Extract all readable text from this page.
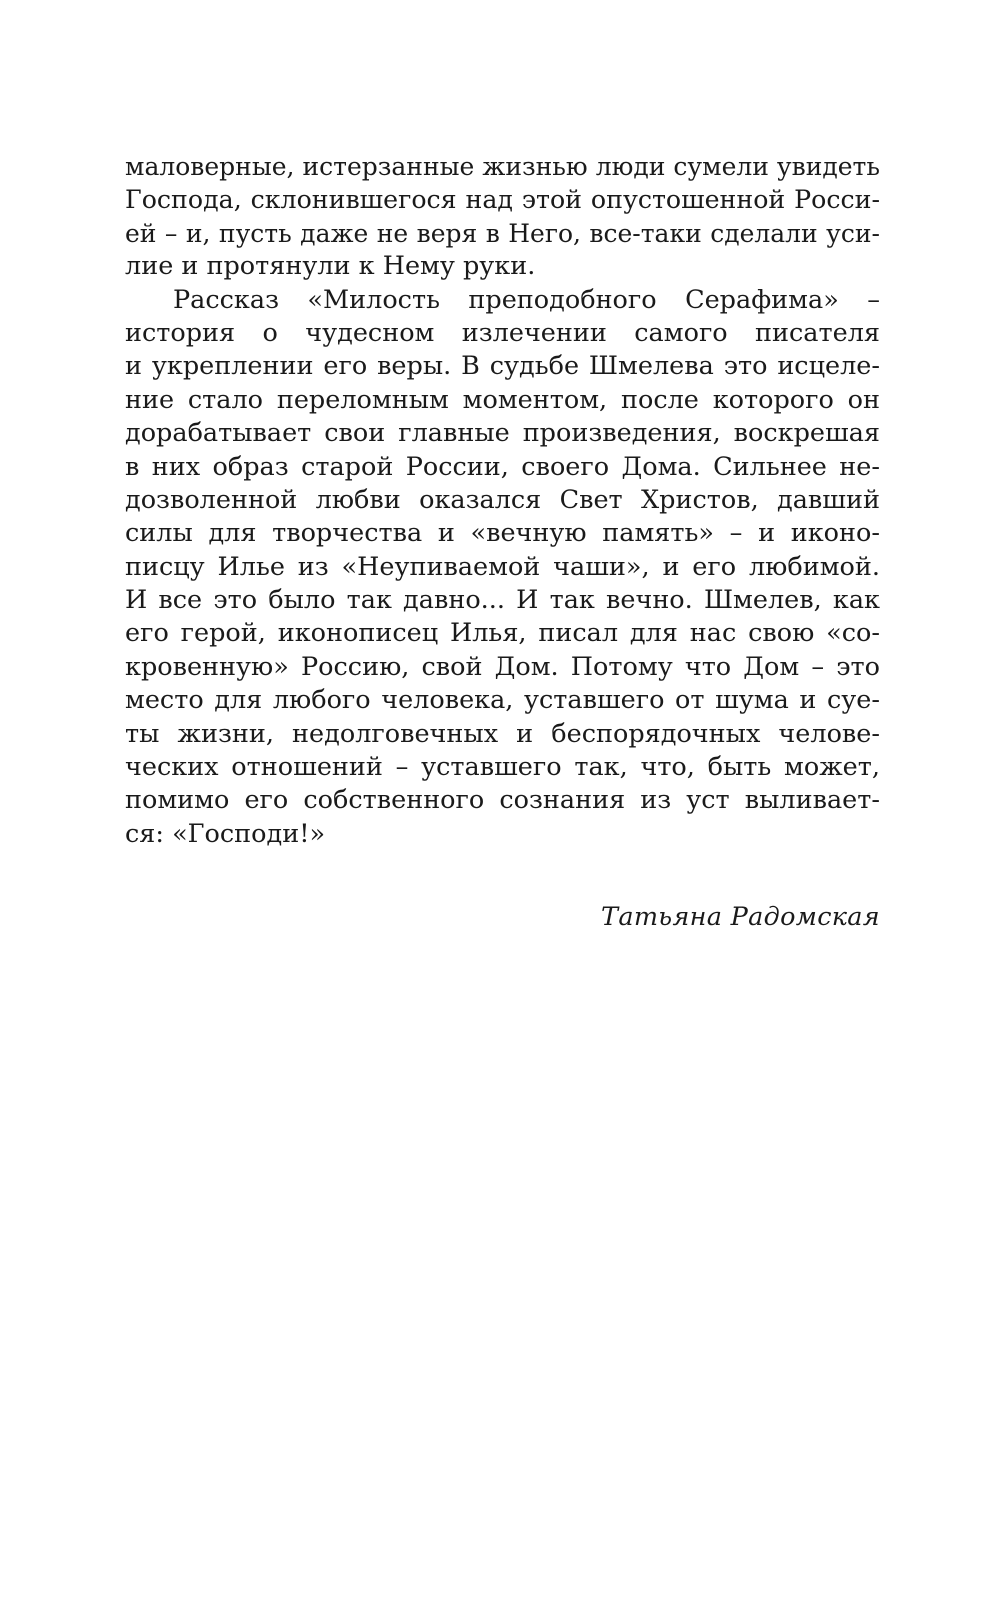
маловерные, истерзанные жизнью люди сумели увидеть
Господа, склонившегося над этой опустошенной Росси-
ей – и, пусть даже не веря в Него, все-таки сделали уси-
лие и протянули к Нему руки.
Рассказ «Милость преподобного Серафима» –
история о чудесном излечении самого писателя
и укреплении его веры. В судьбе Шмелева это исцеле-
ние стало переломным моментом, после которого он
дорабатывает свои главные произведения, воскрешая
в них образ старой России, своего Дома. Сильнее не-
дозволенной любви оказался Свет Христов, давший
силы для творчества и «вечную память» – и иконо-
писцу Илье из «Неупиваемой чаши», и его любимой.
И все это было так давно... И так вечно. Шмелев, как
его герой, иконописец Илья, писал для нас свою «со-
кровенную» Россию, свой Дом. Потому что Дом – это
место для любого человека, уставшего от шума и суе-
ты жизни, недолговечных и беспорядочных челове-
ческих отношений – уставшего так, что, быть может,
помимо его собственного сознания из уст выливает-
ся: «Господи!»
Татьяна Радомская
